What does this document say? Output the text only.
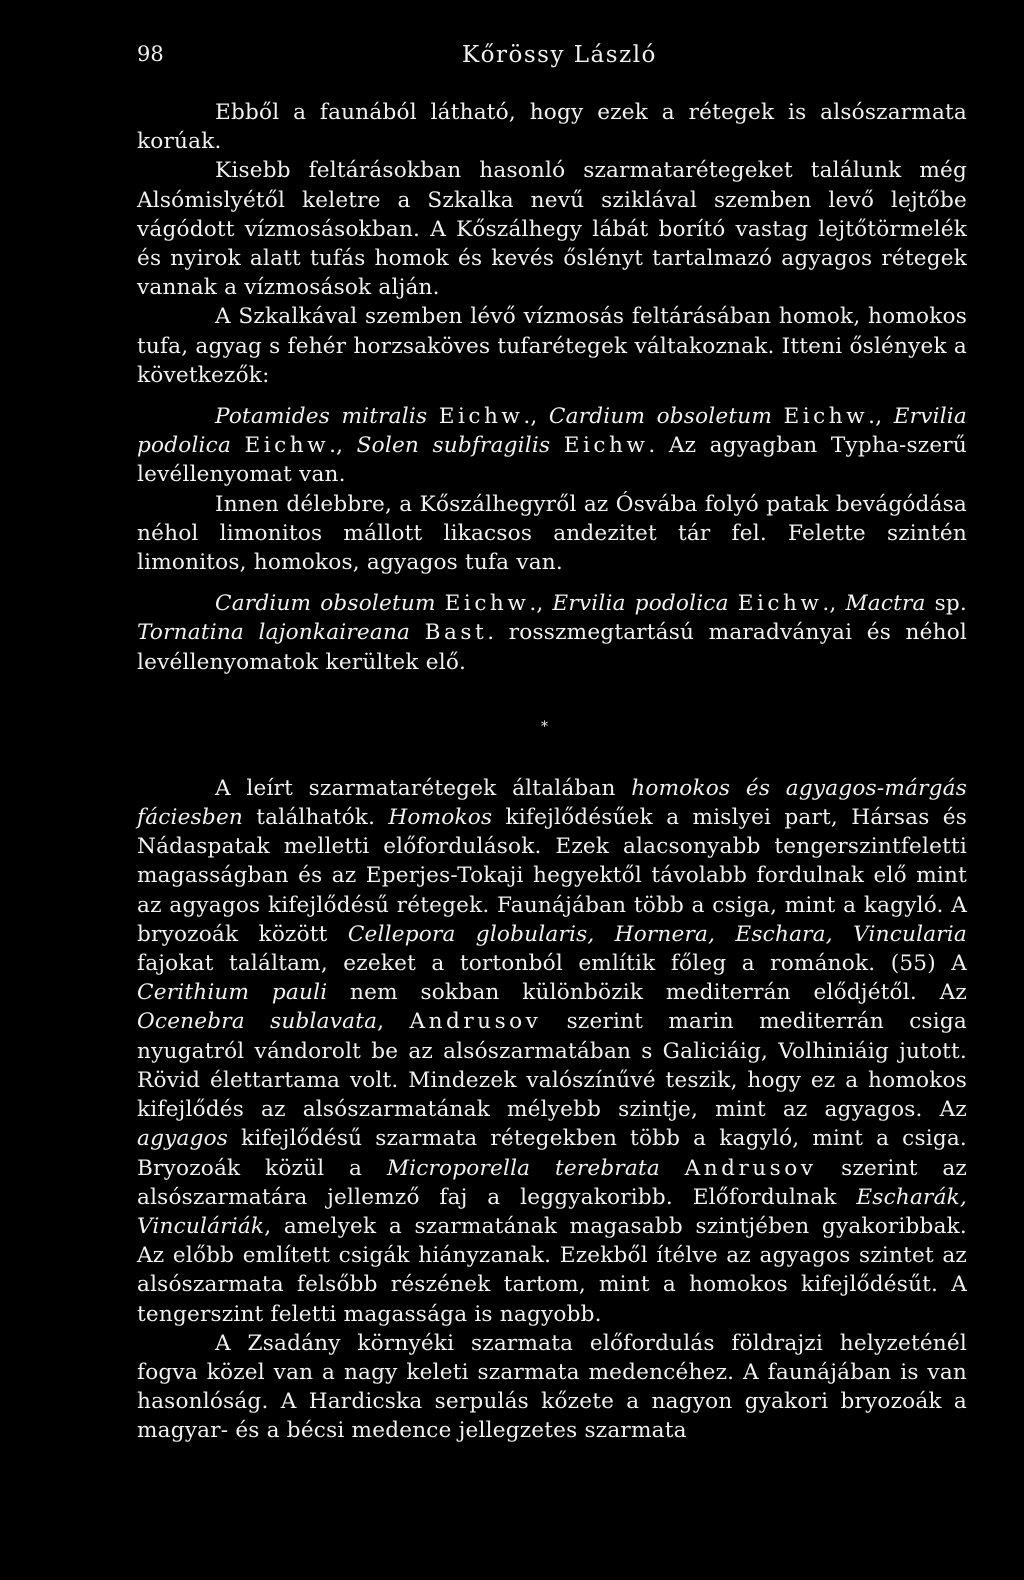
98	Kőrössy László

Ebből a faunából látható, hogy ezek a rétegek is alsószarmata korúak.

Kisebb feltárásokban hasonló szarmatarétegeket találunk még Alsómislyétől keletre a Szkalka nevű sziklával szemben levő lejtőbe vágódott vízmosásokban. A Kőszálhegy lábát borító vastag lejtőtörmelék és nyirok alatt tufás homok és kevés őslényt tartalmazó agyagos rétegek vannak a vízmosások alján.

A Szkalkával szemben lévő vízmosás feltárásában homok, homokos tufa, agyag s fehér horzsaköves tufarétegek váltakoznak. Itteni őslények a következők:

Potamides mitralis Eichw., Cardium obsoletum Eichw., Ervilia podolica Eichw., Solen subfragilis Eichw. Az agyagban Typha-szerű levéllenyomat van.

Innen délebbre, a Kőszálhegyről az Ósvába folyó patak bevágódása néhol limonitos mállott likacsos andezitet tár fel. Felette szintén limonitos, homokos, agyagos tufa van.

Cardium obsoletum Eichw., Ervilia podolica Eichw., Mactra sp. Tornatina lajonkaireana Bast. rosszmegtartású maradványai és néhol levéllenyomatok kerültek elő.

*

A leírt szarmatarétegek általában homokos és agyagos-márgás fáciesben találhatók. Homokos kifejlődésűek a mislyei part, Hársas és Nádaspatak melletti előfordulások. Ezek alacsonyabb tengerszintfeletti magasságban és az Eperjes-Tokaji hegyektől távolabb fordulnak elő mint az agyagos kifejlődésű rétegek. Faunájában több a csiga, mint a kagyló. A bryozoák között Cellepora globularis, Hornera, Eschara, Vincularia fajokat találtam, ezeket a tortonból említik főleg a románok. (55) A Cerithium pauli nem sokban különbözik mediterrán elődjétől. Az Ocenebra sublavata, Andrusov szerint marin mediterrán csiga nyugatról vándorolt be az alsószarmatában s Galiciáig, Volhiniáig jutott. Rövid élettartama volt. Mindezek valószínűvé teszik, hogy ez a homokos kifejlődés az alsószarmatának mélyebb szintje, mint az agyagos. Az agyagos kifejlődésű szarmata rétegekben több a kagyló, mint a csiga. Bryozoák közül a Microporella terebrata Andrusov szerint az alsószarmatára jellemző faj a leggyakoribb. Előfordulnak Escharák, Vinculáriák, amelyek a szarmatának magasabb szintjében gyakoribbak. Az előbb említett csigák hiányzanak. Ezekből ítélve az agyagos szintet az alsószarmata felsőbb részének tartom, mint a homokos kifejlődésűt. A tengerszint feletti magassága is nagyobb.

A Zsadány környéki szarmata előfordulás földrajzi helyzeténél fogva közel van a nagy keleti szarmata medencéhez. A faunájában is van hasonlóság. A Hardicska serpulás kőzete a nagyon gyakori bryozoák a magyar- és a bécsi medence jellegzetes szarmata
